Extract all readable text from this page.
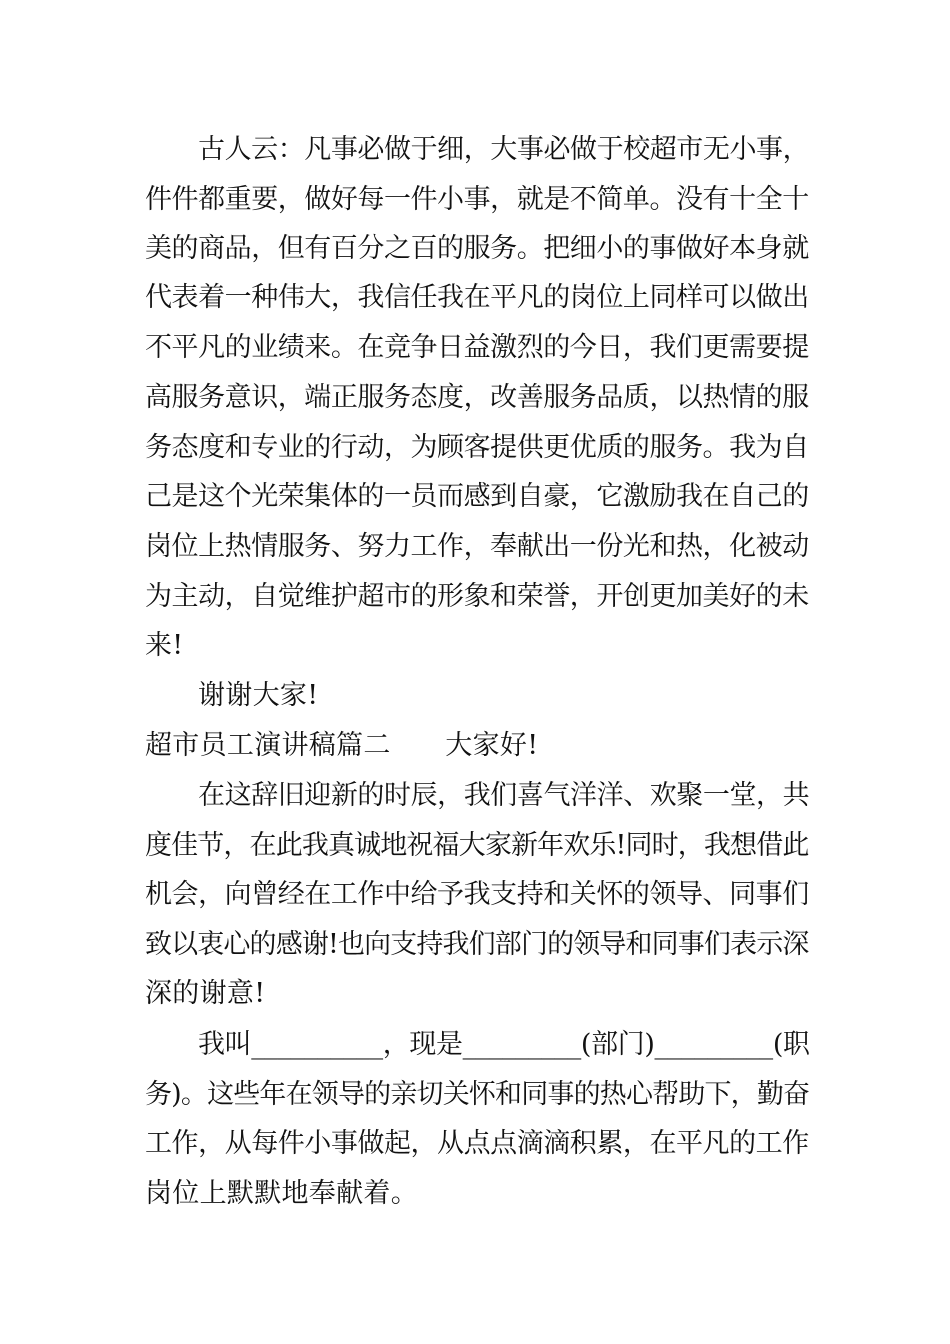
古人云：凡事必做于细，大事必做于校超市无小事，
件件都重要，做好每一件小事，就是不简单。没有十全十
美的商品，但有百分之百的服务。把细小的事做好本身就
代表着一种伟大，我信任我在平凡的岗位上同样可以做出
不平凡的业绩来。在竞争日益激烈的今日，我们更需要提
高服务意识，端正服务态度，改善服务品质，以热情的服
务态度和专业的行动，为顾客提供更优质的服务。我为自
己是这个光荣集体的一员而感到自豪，它激励我在自己的
岗位上热情服务、努力工作，奉献出一份光和热，化被动
为主动，自觉维护超市的形象和荣誉，开创更加美好的未
来!
谢谢大家!
超市员工演讲稿篇二　　大家好!
在这辞旧迎新的时辰，我们喜气洋洋、欢聚一堂，共
度佳节，在此我真诚地祝福大家新年欢乐!同时，我想借此
机会，向曾经在工作中给予我支持和关怀的领导、同事们
致以衷心的感谢!也向支持我们部门的领导和同事们表示深
深的谢意!
我叫__________，现是_________(部门)_________(职
务)。这些年在领导的亲切关怀和同事的热心帮助下，勤奋
工作，从每件小事做起，从点点滴滴积累，在平凡的工作
岗位上默默地奉献着。
